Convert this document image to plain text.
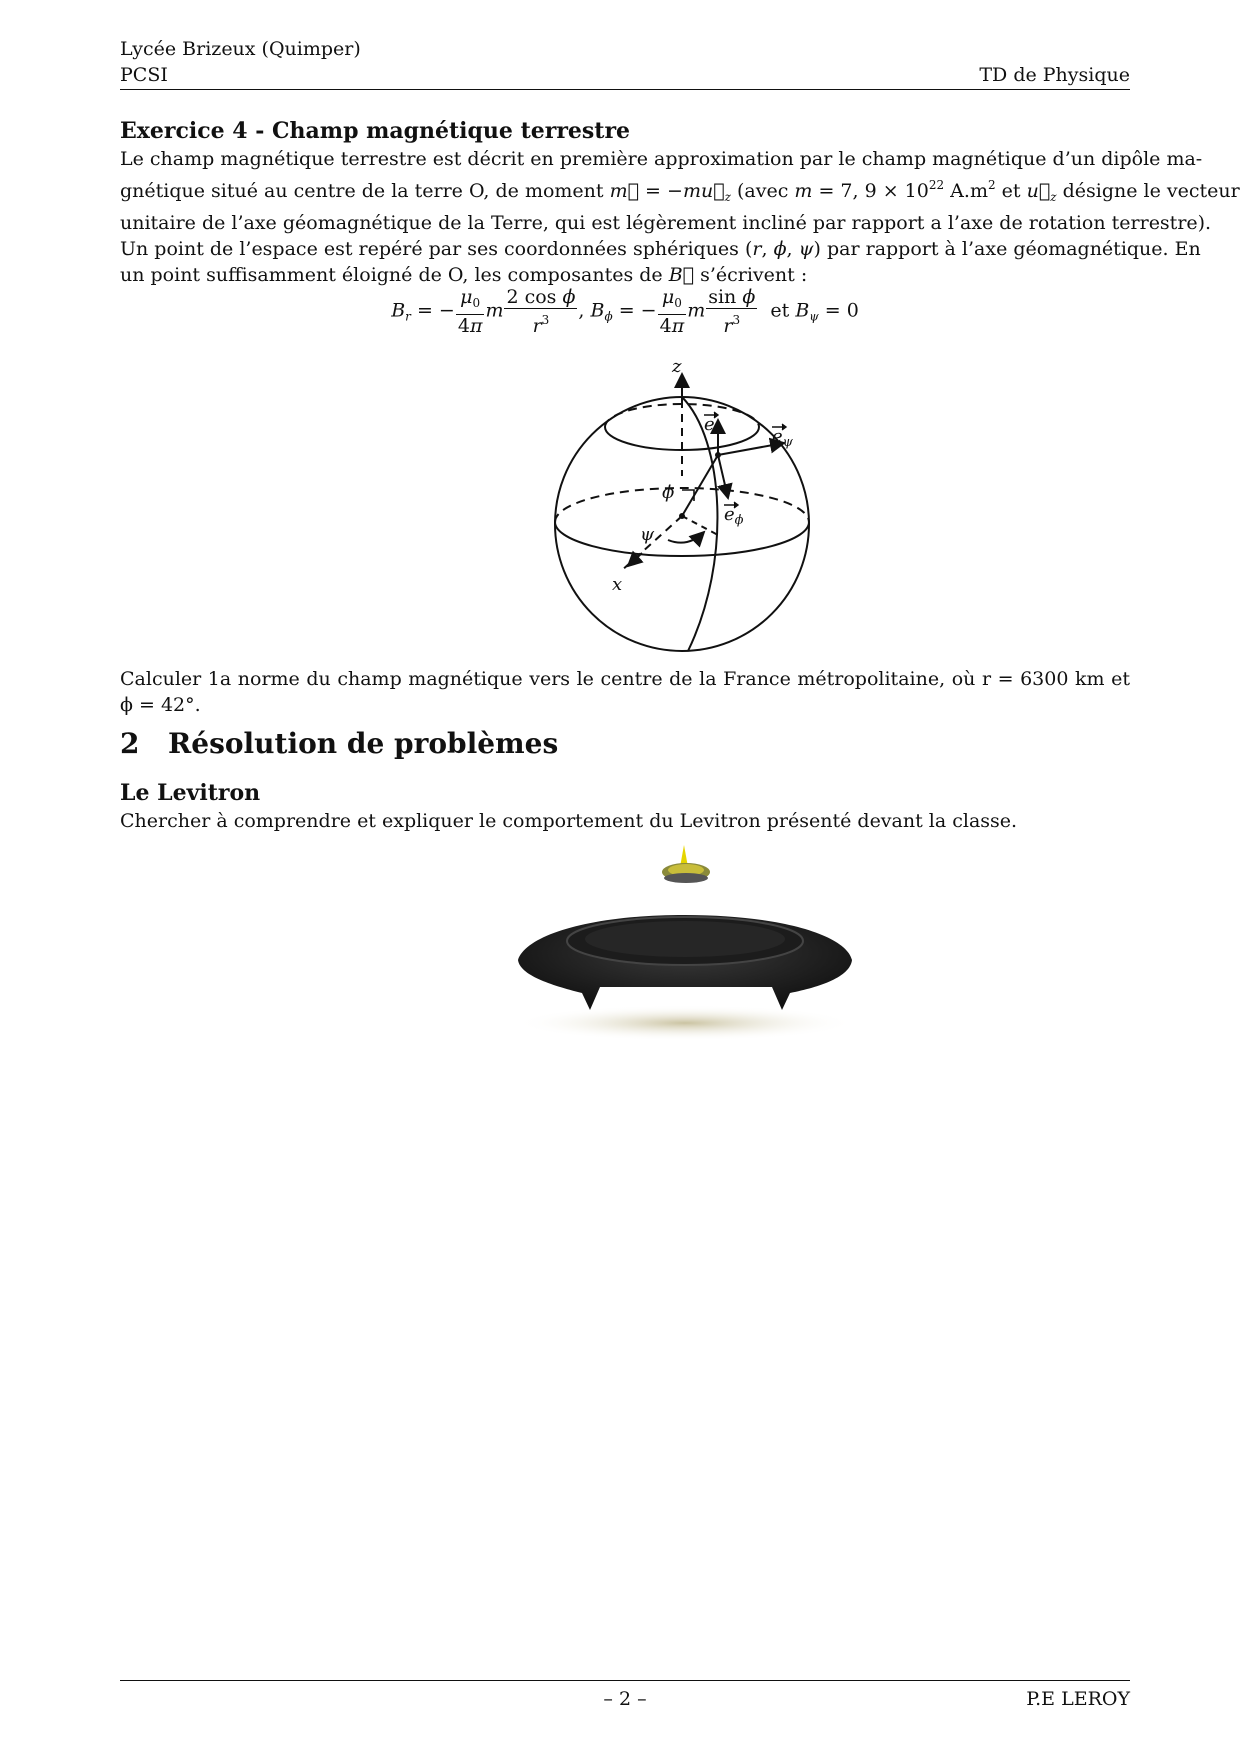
Lycée Brizeux (Quimper)
PCSI	TD de Physique
Exercice 4 - Champ magnétique terrestre
Le champ magnétique terrestre est décrit en première approximation par le champ magnétique d’un dipôle ma-
gnétique situé au centre de la terre O, de moment m⃗ = $-mu⃗_z$ (avec m = 7, $9 \times 10^{22}$ $A.m^2$ et $u⃗_z$ désigne le vecteur
unitaire de l’axe géomagnétique de la Terre, qui est légèrement incliné par rapport a l’axe de rotation terrestre).
Un point de l’espace est repéré par ses coordonnées sphériques (r, ϕ, ψ) par rapport à l’axe géomagnétique. En
un point suffisamment éloigné de O, les composantes de B⃗ s’écrivent :
$B_r$ = − $\frac{\mu_0}{4\pi}$ m $\frac{\text{2 cos ϕ}}{r^3}$ , $B_\phi$ = − $\frac{\mu_0}{4\pi}$ m $\frac{\text{sin ϕ}}{r^3}$ et $B_\psi = 0$
z
x
ϕ
ψ
$e_r$	$e_\psi$
$e_\phi$
Calculer 1a norme du champ magnétique vers le centre de la France métropolitaine, où r = 6300 km et ϕ = 42°.
2 Résolution de problèmes
Le Levitron
Chercher à comprendre et expliquer le comportement du Levitron présenté devant la classe.
– 2 –	P.E LEROY
